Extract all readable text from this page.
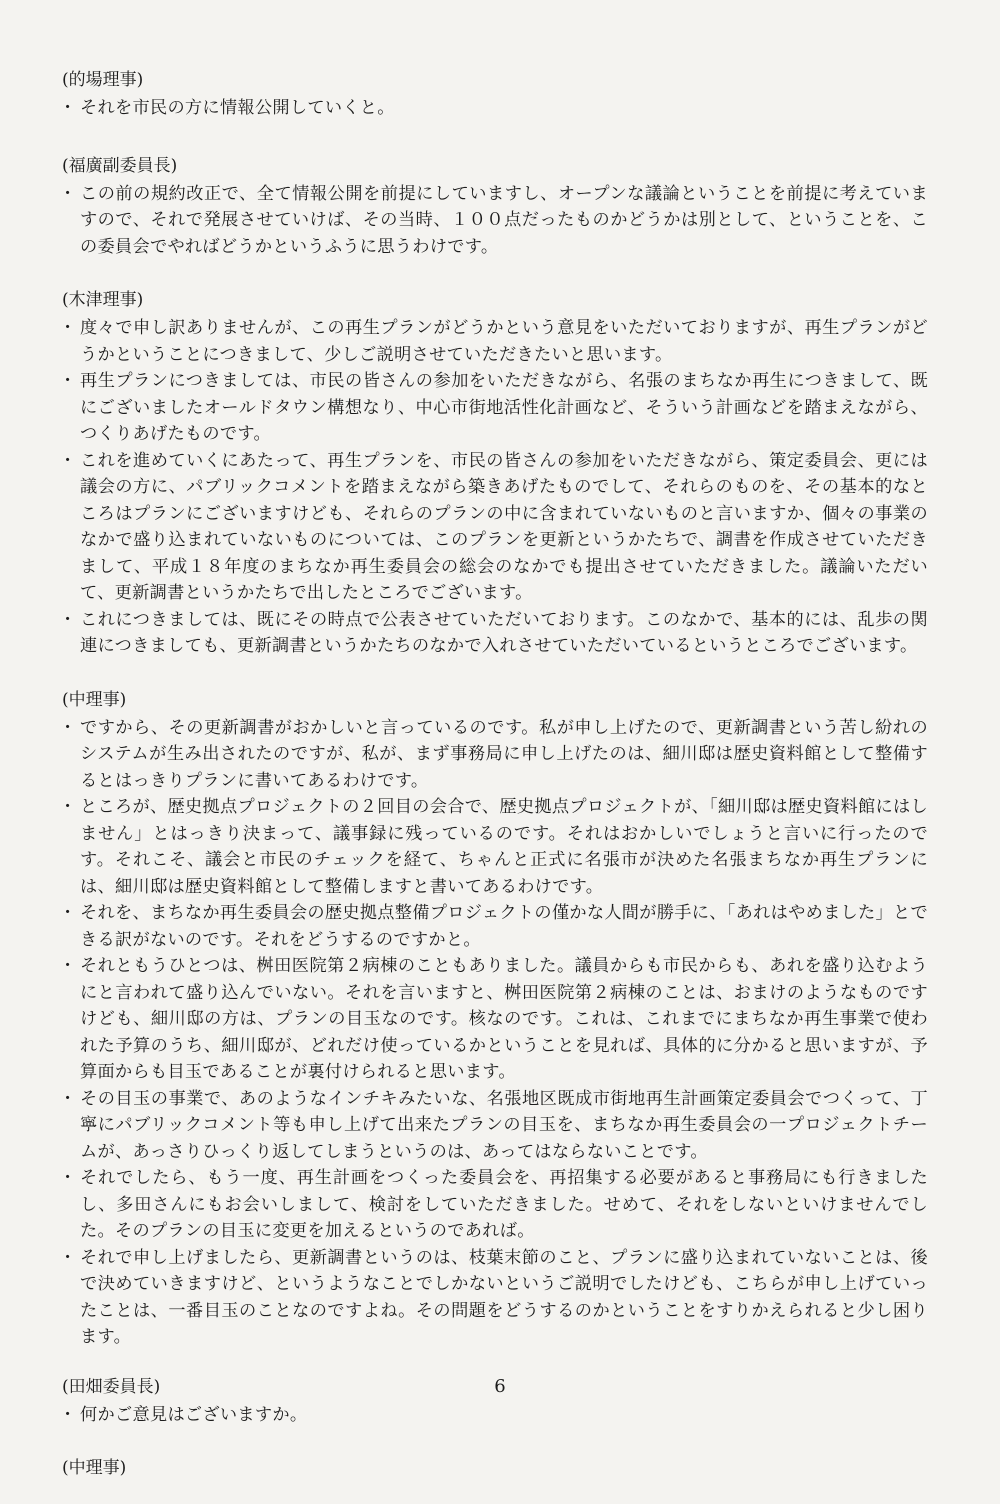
(的場理事)
・ それを市民の方に情報公開していくと。
(福廣副委員長)
・ この前の規約改正で、全て情報公開を前提にしていますし、オープンな議論ということを前提に考えていますので、それで発展させていけば、その当時、１００点だったものかどうかは別として、ということを、この委員会でやればどうかというふうに思うわけです。
(木津理事)
・ 度々で申し訳ありませんが、この再生プランがどうかという意見をいただいておりますが、再生プランがどうかということにつきまして、少しご説明させていただきたいと思います。
・ 再生プランにつきましては、市民の皆さんの参加をいただきながら、名張のまちなか再生につきまして、既にございましたオールドタウン構想なり、中心市街地活性化計画など、そういう計画などを踏まえながら、つくりあげたものです。
・ これを進めていくにあたって、再生プランを、市民の皆さんの参加をいただきながら、策定委員会、更には議会の方に、パブリックコメントを踏まえながら築きあげたものでして、それらのものを、その基本的なところはプランにございますけども、それらのプランの中に含まれていないものと言いますか、個々の事業のなかで盛り込まれていないものについては、このプランを更新というかたちで、調書を作成させていただきまして、平成１８年度のまちなか再生委員会の総会のなかでも提出させていただきました。議論いただいて、更新調書というかたちで出したところでございます。
・ これにつきましては、既にその時点で公表させていただいております。このなかで、基本的には、乱歩の関連につきましても、更新調書というかたちのなかで入れさせていただいているというところでございます。
(中理事)
・ ですから、その更新調書がおかしいと言っているのです。私が申し上げたので、更新調書という苦し紛れのシステムが生み出されたのですが、私が、まず事務局に申し上げたのは、細川邸は歴史資料館として整備するとはっきりプランに書いてあるわけです。
・ ところが、歴史拠点プロジェクトの２回目の会合で、歴史拠点プロジェクトが、「細川邸は歴史資料館にはしません」とはっきり決まって、議事録に残っているのです。それはおかしいでしょうと言いに行ったのです。それこそ、議会と市民のチェックを経て、ちゃんと正式に名張市が決めた名張まちなか再生プランには、細川邸は歴史資料館として整備しますと書いてあるわけです。
・ それを、まちなか再生委員会の歴史拠点整備プロジェクトの僅かな人間が勝手に、「あれはやめました」とできる訳がないのです。それをどうするのですかと。
・ それともうひとつは、桝田医院第２病棟のこともありました。議員からも市民からも、あれを盛り込むようにと言われて盛り込んでいない。それを言いますと、桝田医院第２病棟のことは、おまけのようなものですけども、細川邸の方は、プランの目玉なのです。核なのです。これは、これまでにまちなか再生事業で使われた予算のうち、細川邸が、どれだけ使っているかということを見れば、具体的に分かると思いますが、予算面からも目玉であることが裏付けられると思います。
・ その目玉の事業で、あのようなインチキみたいな、名張地区既成市街地再生計画策定委員会でつくって、丁寧にパブリックコメント等も申し上げて出来たプランの目玉を、まちなか再生委員会の一プロジェクトチームが、あっさりひっくり返してしまうというのは、あってはならないことです。
・ それでしたら、もう一度、再生計画をつくった委員会を、再招集する必要があると事務局にも行きましたし、多田さんにもお会いしまして、検討をしていただきました。せめて、それをしないといけませんでした。そのプランの目玉に変更を加えるというのであれば。
・ それで申し上げましたら、更新調書というのは、枝葉末節のこと、プランに盛り込まれていないことは、後で決めていきますけど、というようなことでしかないというご説明でしたけども、こちらが申し上げていったことは、一番目玉のことなのですよね。その問題をどうするのかということをすりかえられると少し困ります。
(田畑委員長)
・ 何かご意見はございますか。
(中理事)
6
